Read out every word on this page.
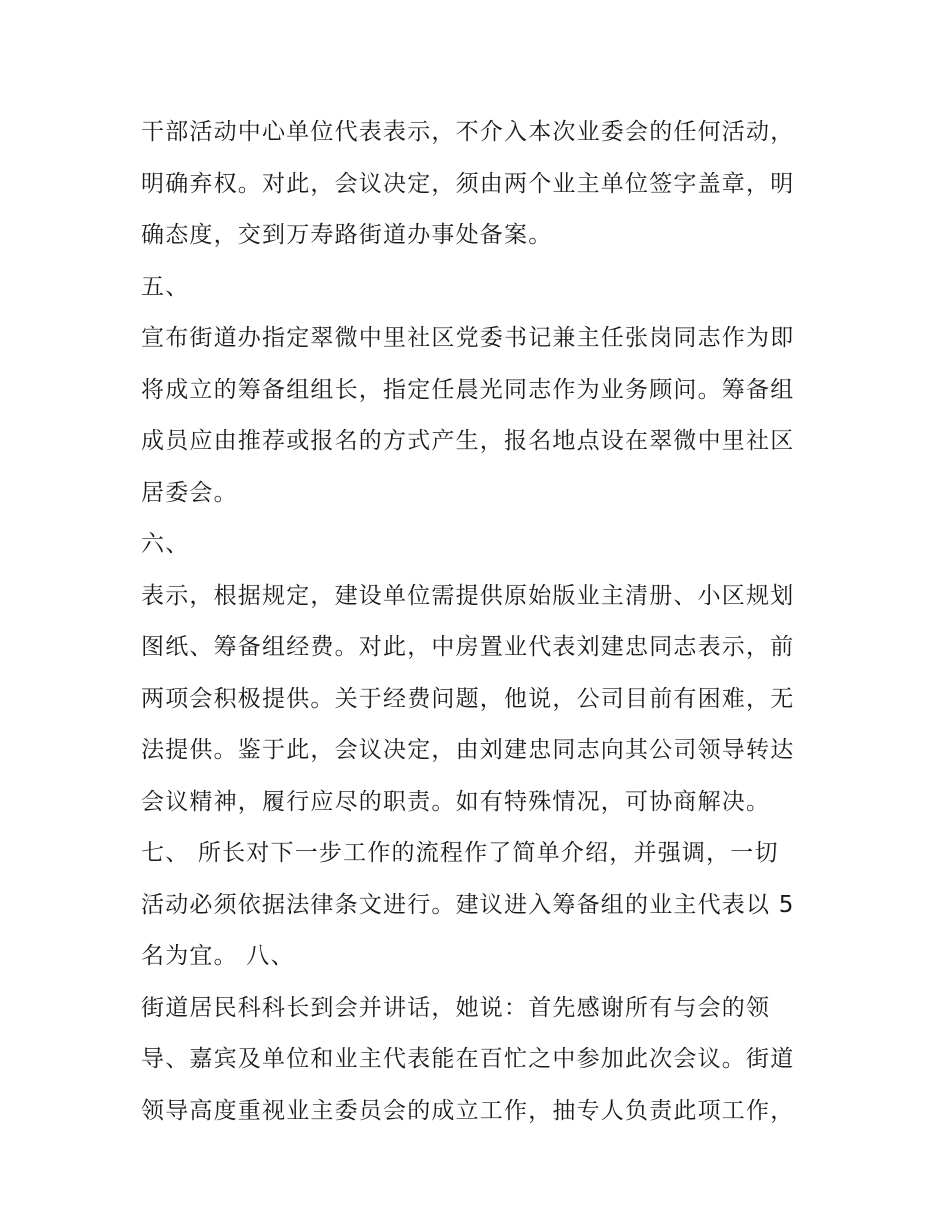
干部活动中心单位代表表示，不介入本次业委会的任何活动，
明确弃权。对此，会议决定，须由两个业主单位签字盖章，明
确态度，交到万寿路街道办事处备案。
五、
宣布街道办指定翠微中里社区党委书记兼主任张岗同志作为即
将成立的筹备组组长，指定任晨光同志作为业务顾问。筹备组
成员应由推荐或报名的方式产生，报名地点设在翠微中里社区
居委会。
六、
表示，根据规定，建设单位需提供原始版业主清册、小区规划
图纸、筹备组经费。对此，中房置业代表刘建忠同志表示，前
两项会积极提供。关于经费问题，他说，公司目前有困难，无
法提供。鉴于此，会议决定，由刘建忠同志向其公司领导转达
会议精神，履行应尽的职责。如有特殊情况，可协商解决。
七、 所长对下一步工作的流程作了简单介绍，并强调，一切
活动必须依据法律条文进行。建议进入筹备组的业主代表以 5
名为宜。 八、
街道居民科科长到会并讲话，她说：首先感谢所有与会的领
导、嘉宾及单位和业主代表能在百忙之中参加此次会议。街道
领导高度重视业主委员会的成立工作，抽专人负责此项工作，
